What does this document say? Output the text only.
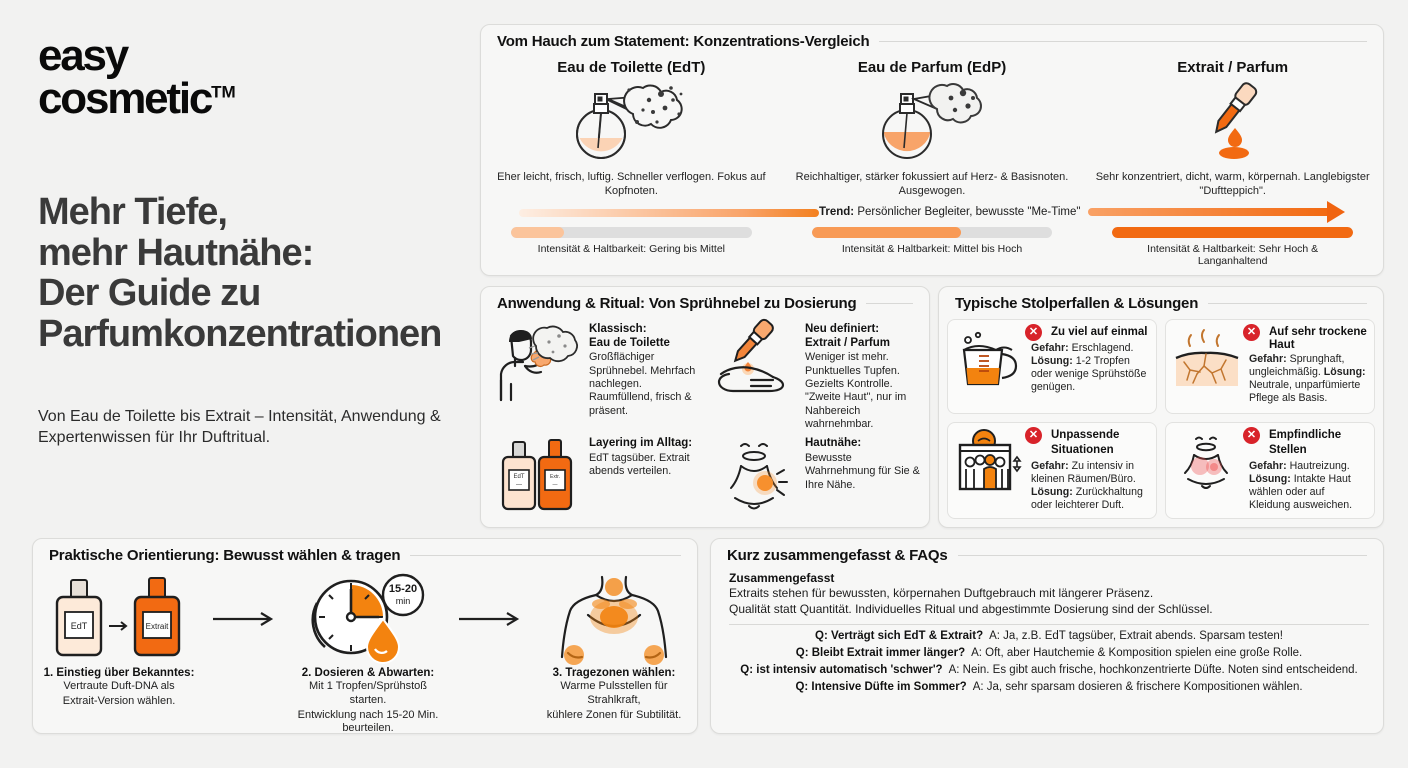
easy
cosmetic™
Mehr Tiefe,
mehr Hautnähe:
Der Guide zu
Parfumkonzentrationen
Von Eau de Toilette bis Extrait – Intensität, Anwendung & Expertenwissen für Ihr Duftritual.
Vom Hauch zum Statement: Konzentrations-Vergleich
Eau de Toilette (EdT)
Eher leicht, frisch, luftig. Schneller verflogen. Fokus auf Kopfnoten.
Eau de Parfum (EdP)
Reichhaltiger, stärker fokussiert auf Herz- & Basisnoten. Ausgewogen.
Extrait / Parfum
Sehr konzentriert, dicht, warm, körpernah. Langlebigster "Duftteppich".
Trend: Persönlicher Begleiter, bewusste "Me-Time"
Intensität & Haltbarkeit: Gering bis Mittel	Intensität & Haltbarkeit: Mittel bis Hoch	Intensität & Haltbarkeit: Sehr Hoch & Langanhaltend
Anwendung & Ritual: Von Sprühnebel zu Dosierung
Klassisch:
Eau de Toilette
Großflächiger Sprühnebel. Mehrfach nachlegen. Raumfüllend, frisch & präsent.
Neu definiert:
Extrait / Parfum
Weniger ist mehr. Punktuelles Tupfen. Gezielts Kontrolle. "Zweite Haut", nur im Nahbereich wahrnehmbar.
EdT
—
Extr.
—
Layering im Alltag:
EdT tagsüber. Extrait abends verteilen.
Hautnähe:
Bewusste Wahrnehmung für Sie & Ihre Nähe.
Typische Stolperfallen & Lösungen
✕	Zu viel auf einmal
Gefahr: Erschlagend. Lösung: 1-2 Tropfen oder wenige Sprühstöße genügen.
✕	Auf sehr trockene Haut
Gefahr: Sprunghaft, ungleichmäßig. Lösung: Neutrale, unparfümierte Pflege als Basis.
✕	Unpassende
Situationen
Gefahr: Zu intensiv in kleinen Räumen/Büro. Lösung: Zurückhaltung oder leichterer Duft.
✕	Empfindliche
Stellen
Gefahr: Hautreizung. Lösung: Intakte Haut wählen oder auf Kleidung ausweichen.
Praktische Orientierung: Bewusst wählen & tragen
EdT	Extrait
1. Einstieg über Bekanntes:
Vertraute Duft-DNA als
Extrait-Version wählen.
15-20
min
2. Dosieren & Abwarten:
Mit 1 Tropfen/Sprühstoß starten.
Entwicklung nach 15-20 Min. beurteilen.
3. Tragezonen wählen:
Warme Pulsstellen für Strahlkraft,
kühlere Zonen für Subtilität.
Kurz zusammengefasst & FAQs
Zusammengefasst
Extraits stehen für bewussten, körpernahen Duftgebrauch mit längerer Präsenz.
Qualität statt Quantität. Individuelles Ritual und abgestimmte Dosierung sind der Schlüssel.
Q: Verträgt sich EdT & Extrait? A: Ja, z.B. EdT tagsüber, Extrait abends. Sparsam testen!
Q: Bleibt Extrait immer länger? A: Oft, aber Hautchemie & Komposition spielen eine große Rolle.
Q: ist intensiv automatisch 'schwer'? A: Nein. Es gibt auch frische, hochkonzentrierte Düfte. Noten sind entscheidend.
Q: Intensive Düfte im Sommer? A: Ja, sehr sparsam dosieren & frischere Kompositionen wählen.
